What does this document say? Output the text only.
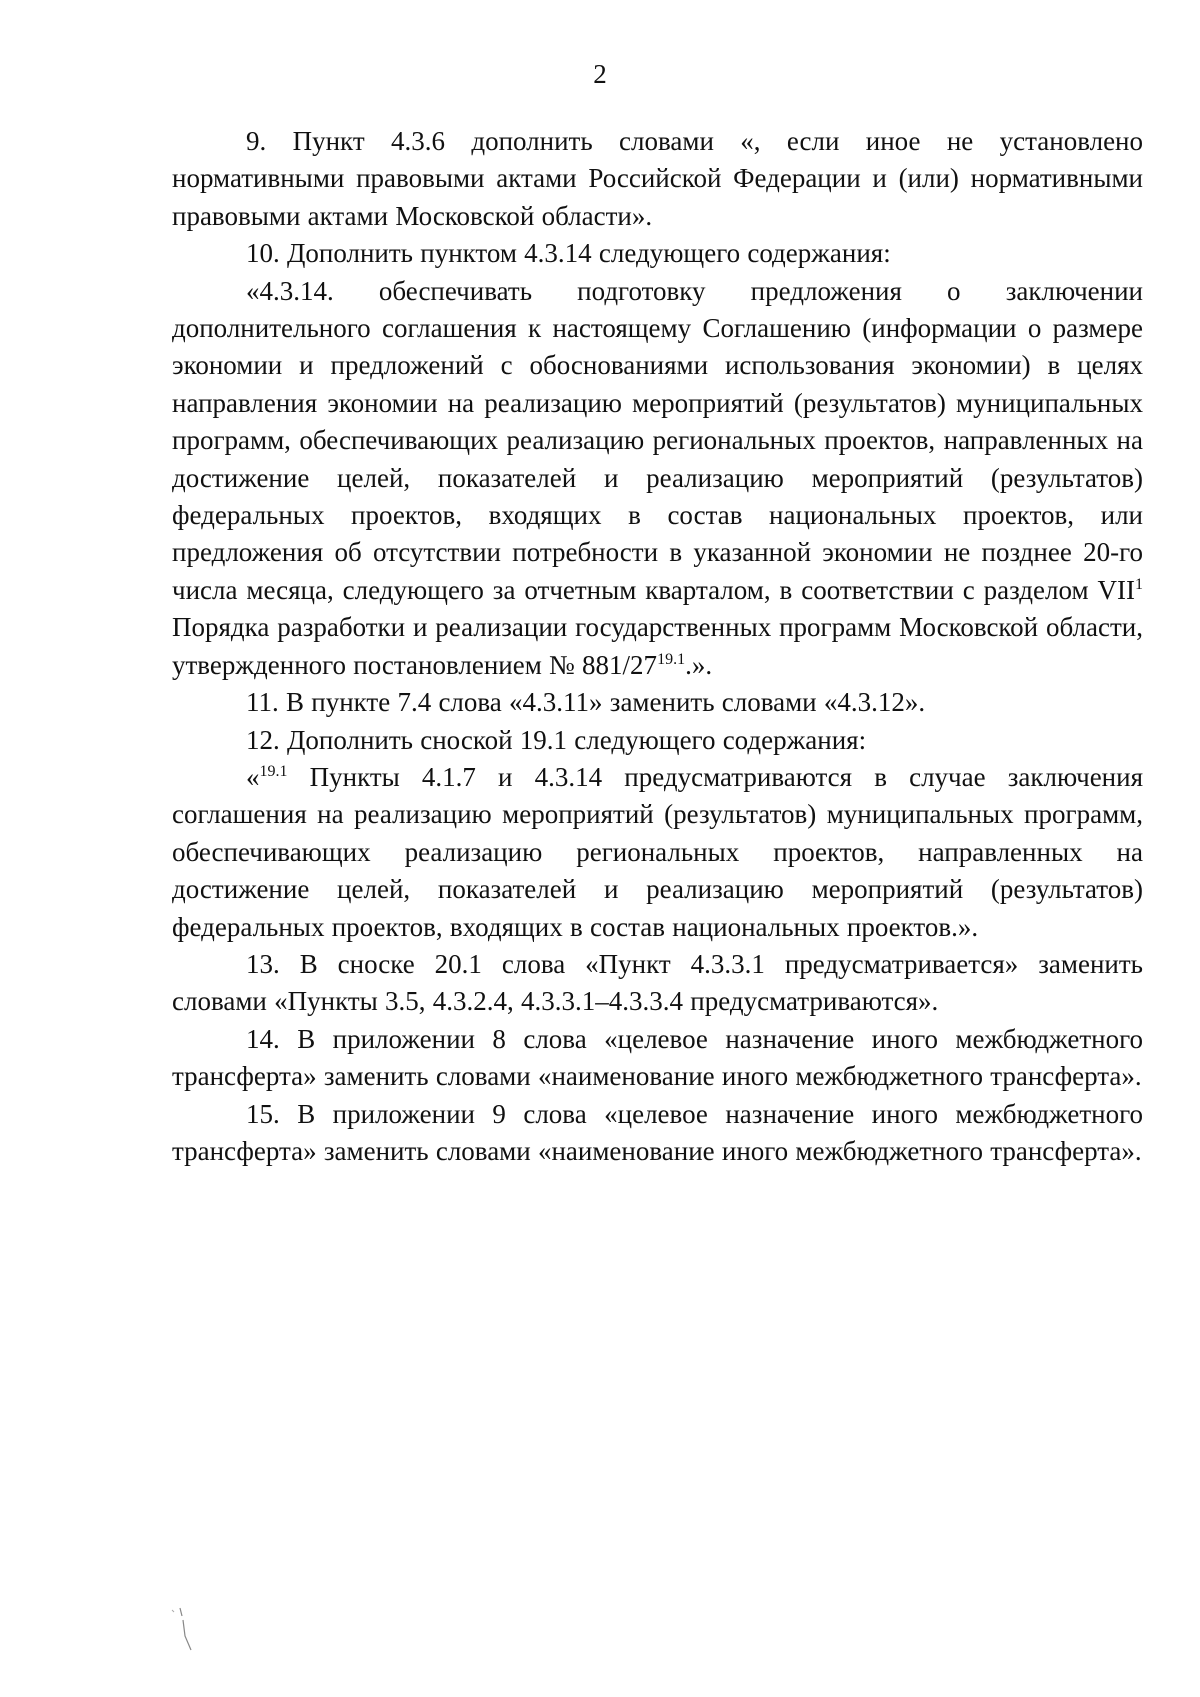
2

9. Пункт 4.3.6 дополнить словами «, если иное не установлено нормативными правовыми актами Российской Федерации и (или) нормативными правовыми актами Московской области».

10. Дополнить пунктом 4.3.14 следующего содержания:

«4.3.14. обеспечивать подготовку предложения о заключении дополнительного соглашения к настоящему Соглашению (информации о размере экономии и предложений с обоснованиями использования экономии) в целях направления экономии на реализацию мероприятий (результатов) муниципальных программ, обеспечивающих реализацию региональных проектов, направленных на достижение целей, показателей и реализацию мероприятий (результатов) федеральных проектов, входящих в состав национальных проектов, или предложения об отсутствии потребности в указанной экономии не позднее 20-го числа месяца, следующего за отчетным кварталом, в соответствии с разделом VII$^1$ Порядка разработки и реализации государственных программ Московской области, утвержденного постановлением № $881/27^{19.1}$.».

11. В пункте 7.4 слова «4.3.11» заменить словами «4.3.12».

12. Дополнить сноской 19.1 следующего содержания:

«$^{19.1}$ Пункты 4.1.7 и 4.3.14 предусматриваются в случае заключения соглашения на реализацию мероприятий (результатов) муниципальных программ, обеспечивающих реализацию региональных проектов, направленных на достижение целей, показателей и реализацию мероприятий (результатов) федеральных проектов, входящих в состав национальных проектов.».

13. В сноске 20.1 слова «Пункт 4.3.3.1 предусматривается» заменить словами «Пункты 3.5, 4.3.2.4, 4.3.3.1–4.3.3.4 предусматриваются».

14. В приложении 8 слова «целевое назначение иного межбюджетного трансферта» заменить словами «наименование иного межбюджетного трансферта».

15. В приложении 9 слова «целевое назначение иного межбюджетного трансферта» заменить словами «наименование иного межбюджетного трансферта».
